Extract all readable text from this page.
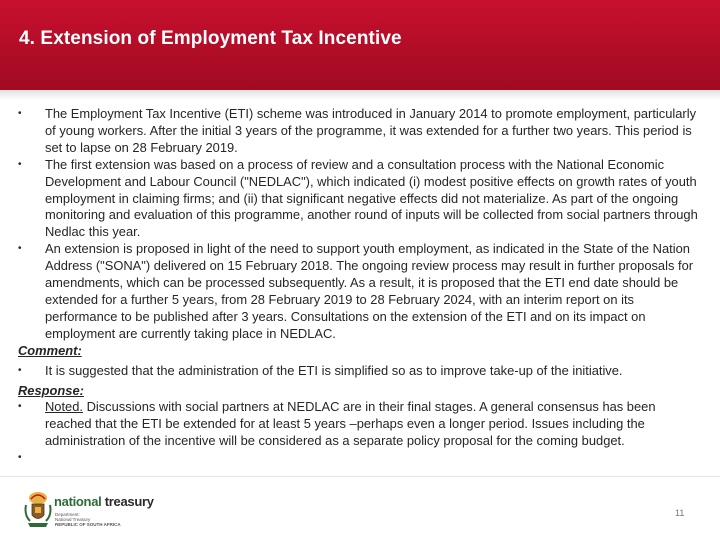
4. Extension of Employment Tax Incentive
•	The Employment Tax Incentive (ETI) scheme was introduced in January 2014 to promote employment, particularly of young workers. After the initial 3 years of the programme, it was extended for a further two years. This period is set to lapse on 28 February 2019.
•	The first extension was based on a process of review and a consultation process with the National Economic Development and Labour Council ("NEDLAC"), which indicated (i) modest positive effects on growth rates of youth employment in claiming firms; and (ii) that significant negative effects did not materialize. As part of the ongoing monitoring and evaluation of this programme, another round of inputs will be collected from social partners through Nedlac this year.
•	An extension is proposed in light of the need to support youth employment, as indicated in the State of the Nation Address ("SONA") delivered on 15 February 2018. The ongoing review process may result in further proposals for amendments, which can be processed subsequently. As a result, it is proposed that the ETI end date should be extended for a further 5 years, from 28 February 2019 to 28 February 2024, with an interim report on its performance to be published after 3 years. Consultations on the extension of the ETI and on its impact on employment are currently taking place in NEDLAC.
Comment:
•	It is suggested that the administration of the ETI is simplified so as to improve take-up of the initiative.
Response:
•	Noted. Discussions with social partners at NEDLAC are in their final stages. A general consensus has been reached that the ETI be extended for at least 5 years –perhaps even a longer period. Issues including the administration of the incentive will be considered as a separate policy proposal for the coming budget.
•
national treasury
Department:
National Treasury
REPUBLIC OF SOUTH AFRICA
11
